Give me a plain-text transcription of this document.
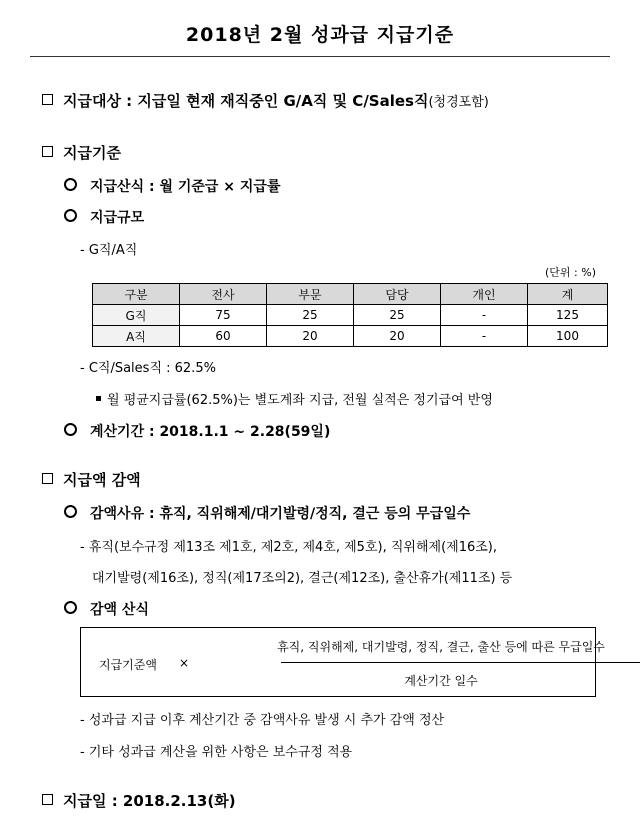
2018년 2월 성과급 지급기준
지급대상 : 지급일 현재 재직중인 G/A직 및 C/Sales직(청경포함)
지급기준
지급산식 : 월 기준급 × 지급률
지급규모
- G직/A직
(단위 : %)
구분	전사	부문	담당	개인	계
G직	75	25	25	-	125
A직	60	20	20	-	100
- C직/Sales직 : 62.5%
월 평균지급률(62.5%)는 별도계좌 지급, 전월 실적은 정기급여 반영
계산기간 : 2018.1.1 ~ 2.28(59일)
지급액 감액
감액사유 : 휴직, 직위해제/대기발령/정직, 결근 등의 무급일수
- 휴직(보수규정 제13조 제1호, 제2호, 제4호, 제5호), 직위해제(제16조),
대기발령(제16조), 정직(제17조의2), 결근(제12조), 출산휴가(제11조) 등
감액 산식
지급기준액 ×
휴직, 직위해제, 대기발령, 정직, 결근, 출산 등에 따른 무급일수
계산기간 일수
- 성과급 지급 이후 계산기간 중 감액사유 발생 시 추가 감액 정산
- 기타 성과급 계산을 위한 사항은 보수규정 적용
지급일 : 2018.2.13(화)
